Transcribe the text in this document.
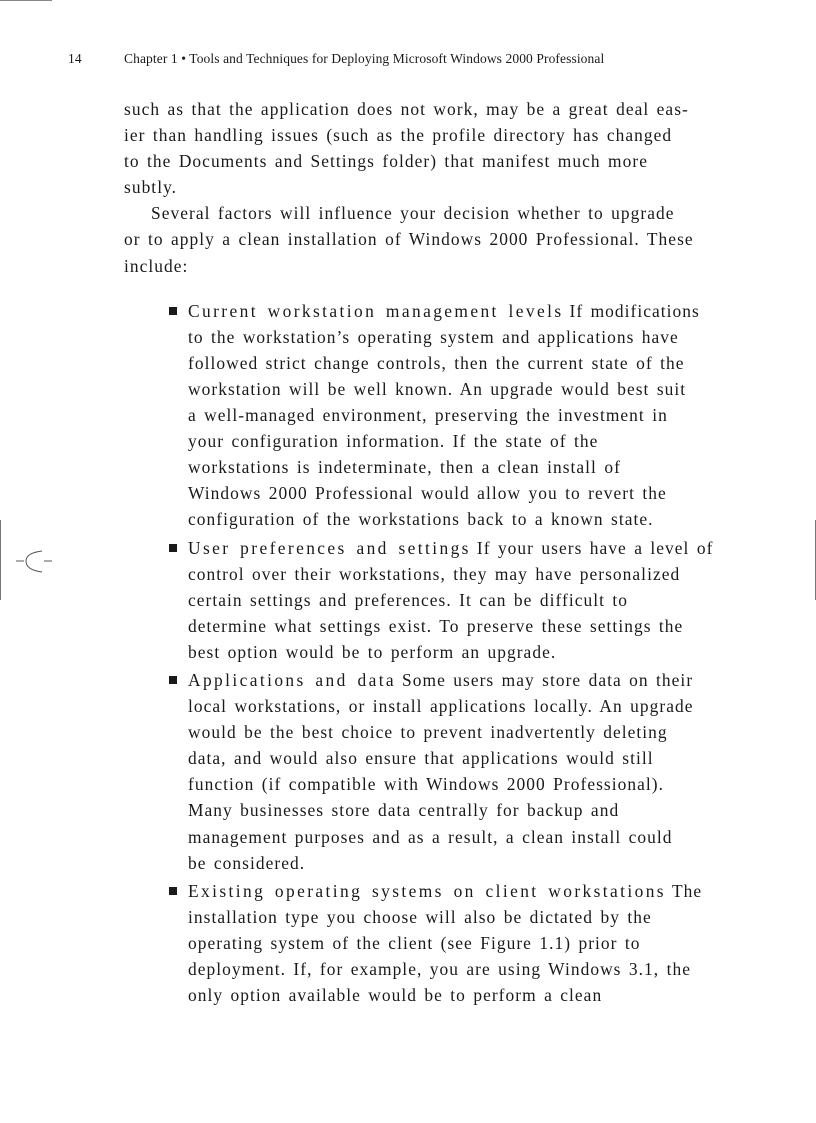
14	Chapter 1 • Tools and Techniques for Deploying Microsoft Windows 2000 Professional
such as that the application does not work, may be a great deal eas-
ier than handling issues (such as the profile directory has changed
to the Documents and Settings folder) that manifest much more
subtly.
Several factors will influence your decision whether to upgrade
or to apply a clean installation of Windows 2000 Professional. These
include:
Current workstation management levels If modifications
to the workstation’s operating system and applications have
followed strict change controls, then the current state of the
workstation will be well known. An upgrade would best suit
a well-managed environment, preserving the investment in
your configuration information. If the state of the
workstations is indeterminate, then a clean install of
Windows 2000 Professional would allow you to revert the
configuration of the workstations back to a known state.
User preferences and settings If your users have a level of
control over their workstations, they may have personalized
certain settings and preferences. It can be difficult to
determine what settings exist. To preserve these settings the
best option would be to perform an upgrade.
Applications and data Some users may store data on their
local workstations, or install applications locally. An upgrade
would be the best choice to prevent inadvertently deleting
data, and would also ensure that applications would still
function (if compatible with Windows 2000 Professional).
Many businesses store data centrally for backup and
management purposes and as a result, a clean install could
be considered.
Existing operating systems on client workstations The
installation type you choose will also be dictated by the
operating system of the client (see Figure 1.1) prior to
deployment. If, for example, you are using Windows 3.1, the
only option available would be to perform a clean
